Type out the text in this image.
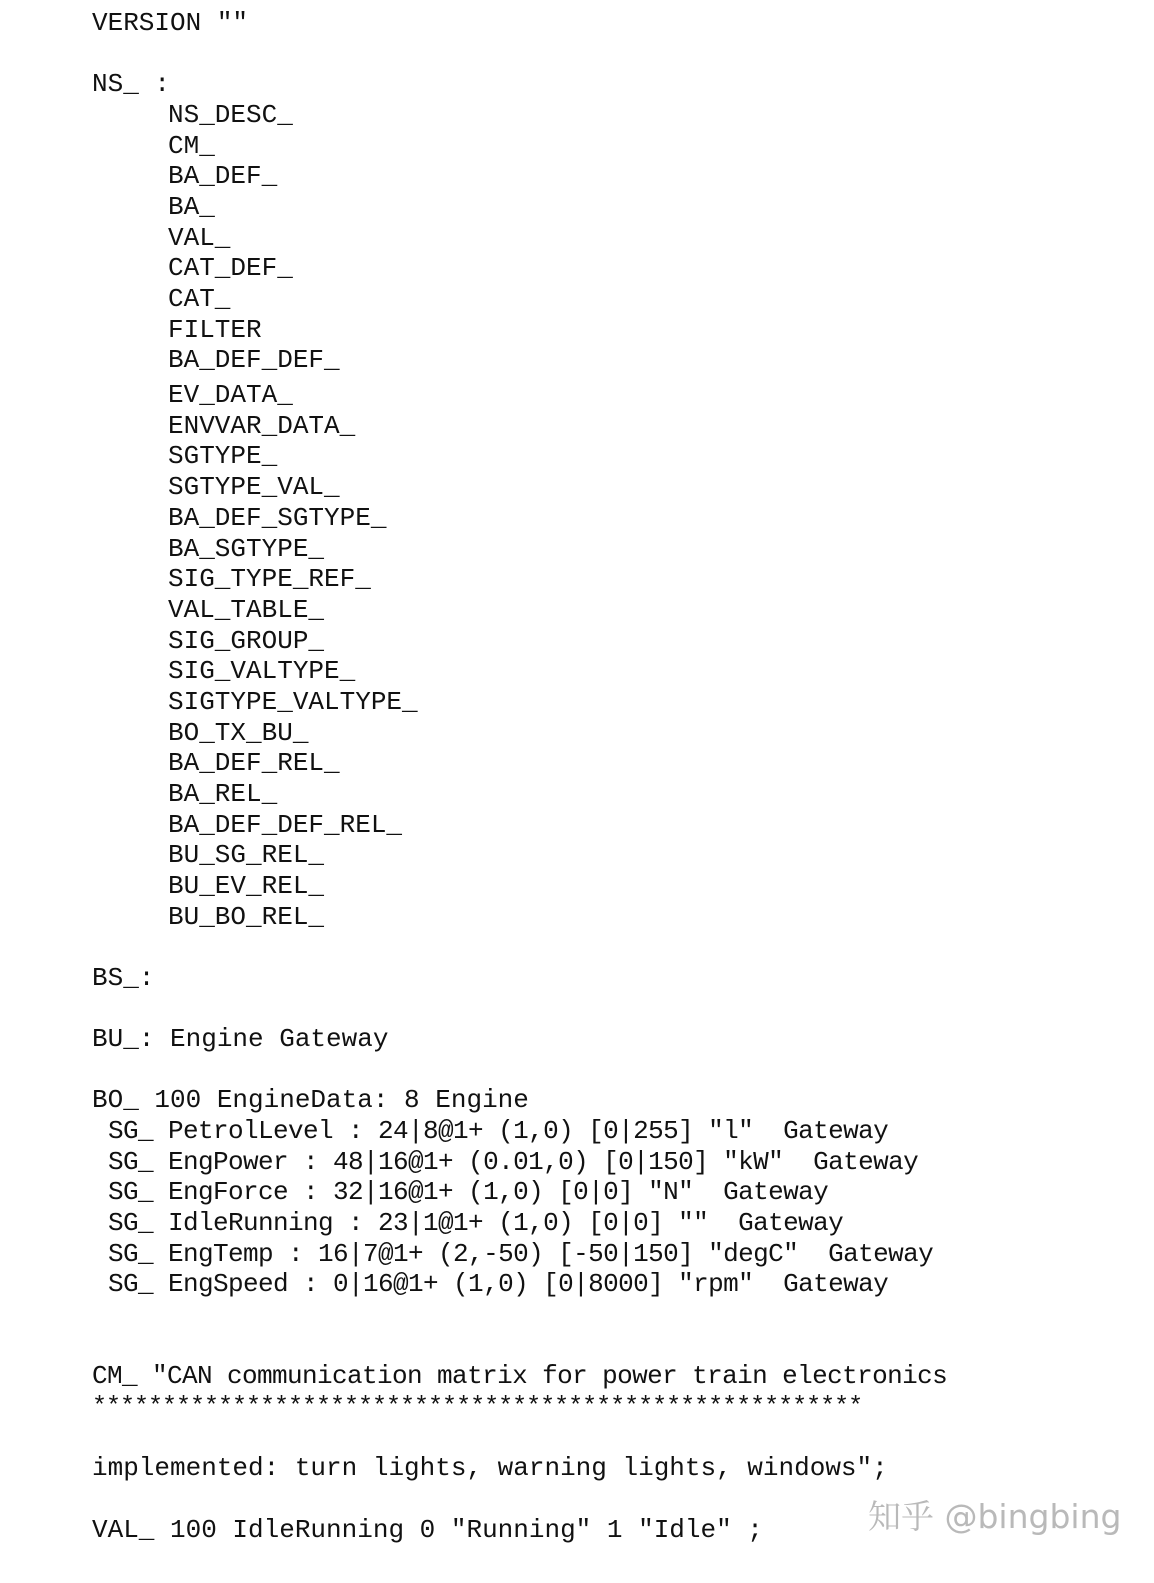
VERSION ""
NS_ :
NS_DESC_
CM_
BA_DEF_
BA_
VAL_
CAT_DEF_
CAT_
FILTER
BA_DEF_DEF_
EV_DATA_
ENVVAR_DATA_
SGTYPE_
SGTYPE_VAL_
BA_DEF_SGTYPE_
BA_SGTYPE_
SIG_TYPE_REF_
VAL_TABLE_
SIG_GROUP_
SIG_VALTYPE_
SIGTYPE_VALTYPE_
BO_TX_BU_
BA_DEF_REL_
BA_REL_
BA_DEF_DEF_REL_
BU_SG_REL_
BU_EV_REL_
BU_BO_REL_
BS_:
BU_: Engine Gateway
BO_ 100 EngineData: 8 Engine
SG_ PetrolLevel : 24|8@1+ (1,0) [0|255] "l"  Gateway
SG_ EngPower : 48|16@1+ (0.01,0) [0|150] "kW"  Gateway
SG_ EngForce : 32|16@1+ (1,0) [0|0] "N"  Gateway
SG_ IdleRunning : 23|1@1+ (1,0) [0|0] ""  Gateway
SG_ EngTemp : 16|7@1+ (2,-50) [-50|150] "degC"  Gateway
SG_ EngSpeed : 0|16@1+ (1,0) [0|8000] "rpm"  Gateway
CM_ "CAN communication matrix for power train electronics
*******************************************************
implemented: turn lights, warning lights, windows";
VAL_ 100 IdleRunning 0 "Running" 1 "Idle" ;	知乎 @bingbing
